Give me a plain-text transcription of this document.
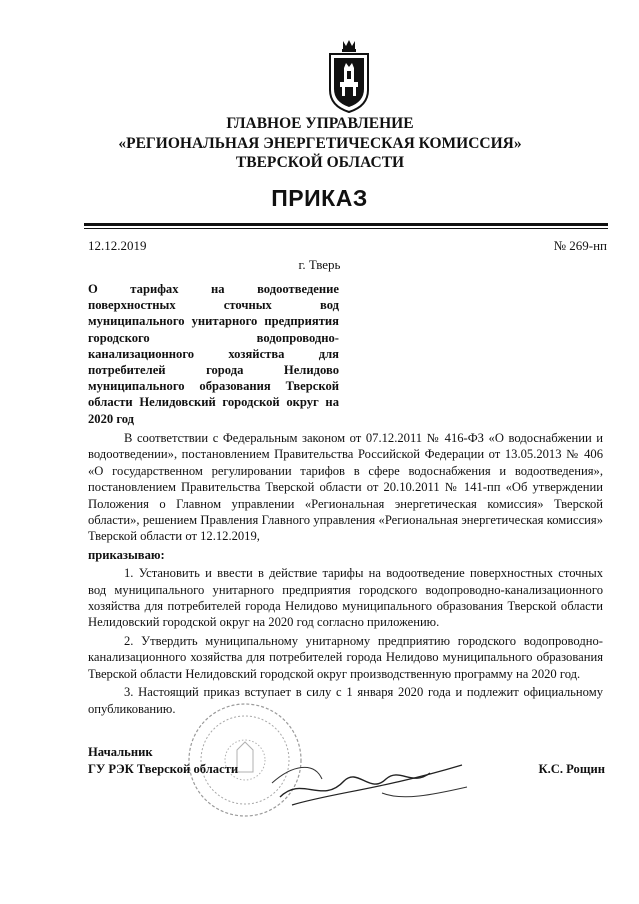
ГЛАВНОЕ УПРАВЛЕНИЕ
«РЕГИОНАЛЬНАЯ ЭНЕРГЕТИЧЕСКАЯ КОМИССИЯ»
ТВЕРСКОЙ ОБЛАСТИ
ПРИКАЗ
12.12.2019	№ 269-нп
г. Тверь
О тарифах на водоотведение поверхностных сточных вод муниципального унитарного предприятия городского водопроводно-канализационного хозяйства для потребителей города Нелидово муниципального образования Тверской области Нелидовский городской округ на 2020 год

В соответствии с Федеральным законом от 07.12.2011 № 416-ФЗ «О водоснабжении и водоотведении», постановлением Правительства Российской Федерации от 13.05.2013 № 406 «О государственном регулировании тарифов в сфере водоснабжения и водоотведения», постановлением Правительства Тверской области от 20.10.2011 № 141-пп «Об утверждении Положения о Главном управлении «Региональная энергетическая комиссия» Тверской области», решением Правления Главного управления «Региональная энергетическая комиссия» Тверской области от 12.12.2019,

приказываю:

1. Установить и ввести в действие тарифы на водоотведение поверхностных сточных вод муниципального унитарного предприятия городского водопроводно-канализационного хозяйства для потребителей города Нелидово муниципального образования Тверской области Нелидовский городской округ на 2020 год согласно приложению.

2. Утвердить муниципальному унитарному предприятию городского водопроводно-канализационного хозяйства для потребителей города Нелидово муниципального образования Тверской области Нелидовский городской округ производственную программу на 2020 год.

3. Настоящий приказ вступает в силу с 1 января 2020 года и подлежит официальному опубликованию.

Начальник
ГУ РЭК Тверской области	К.С. Рощин
